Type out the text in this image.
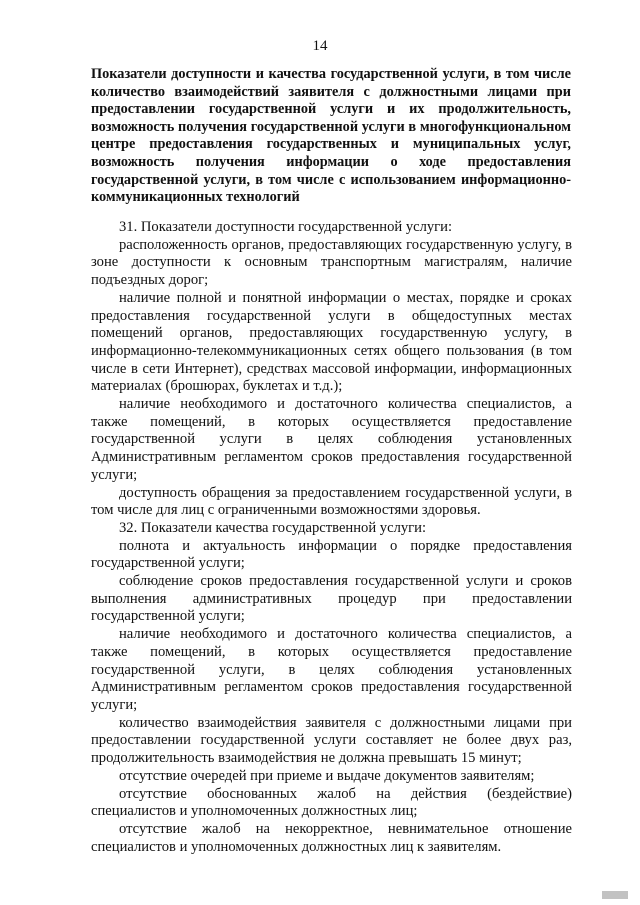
14
Показатели доступности и качества государственной услуги, в том числе количество взаимодействий заявителя с должностными лицами при предоставлении государственной услуги и их продолжительность, возможность получения государственной услуги в многофункциональном центре предоставления государственных и муниципальных услуг, возможность получения информации о ходе предоставления государственной услуги, в том числе с использованием информационно-коммуникационных технологий

31. Показатели доступности государственной услуги:

расположенность органов, предоставляющих государственную услугу, в зоне доступности к основным транспортным магистралям, наличие подъездных дорог;

наличие полной и понятной информации о местах, порядке и сроках предоставления государственной услуги в общедоступных местах помещений органов, предоставляющих государственную услугу, в информационно-телекоммуникационных сетях общего пользования (в том числе в сети Интернет), средствах массовой информации, информационных материалах (брошюрах, буклетах и т.д.);

наличие необходимого и достаточного количества специалистов, а также помещений, в которых осуществляется предоставление государственной услуги в целях соблюдения установленных Административным регламентом сроков предоставления государственной услуги;

доступность обращения за предоставлением государственной услуги, в том числе для лиц с ограниченными возможностями здоровья.

32. Показатели качества государственной услуги:

полнота и актуальность информации о порядке предоставления государственной услуги;

соблюдение сроков предоставления государственной услуги и сроков выполнения административных процедур при предоставлении государственной услуги;

наличие необходимого и достаточного количества специалистов, а также помещений, в которых осуществляется предоставление государственной услуги, в целях соблюдения установленных Административным регламентом сроков предоставления государственной услуги;

количество взаимодействия заявителя с должностными лицами при предоставлении государственной услуги составляет не более двух раз, продолжительность взаимодействия не должна превышать 15 минут;

отсутствие очередей при приеме и выдаче документов заявителям;

отсутствие обоснованных жалоб на действия (бездействие) специалистов и уполномоченных должностных лиц;

отсутствие жалоб на некорректное, невнимательное отношение специалистов и уполномоченных должностных лиц к заявителям.
